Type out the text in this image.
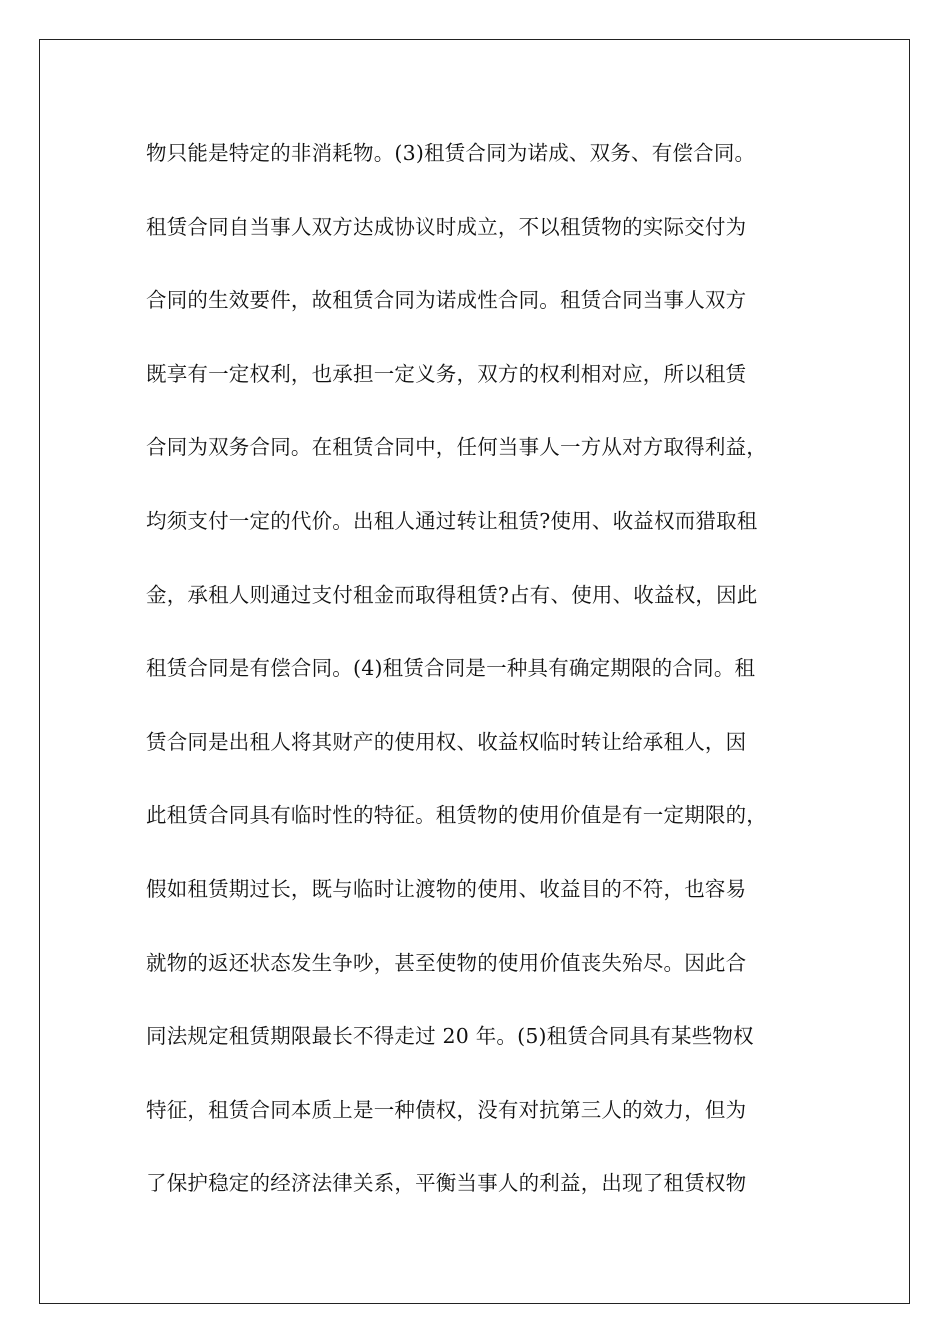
物只能是特定的非消耗物。(3)租赁合同为诺成、双务、有偿合同。
租赁合同自当事人双方达成协议时成立，不以租赁物的实际交付为
合同的生效要件，故租赁合同为诺成性合同。租赁合同当事人双方
既享有一定权利，也承担一定义务，双方的权利相对应，所以租赁
合同为双务合同。在租赁合同中，任何当事人一方从对方取得利益，
均须支付一定的代价。出租人通过转让租赁?使用、收益权而猎取租
金，承租人则通过支付租金而取得租赁?占有、使用、收益权，因此
租赁合同是有偿合同。(4)租赁合同是一种具有确定期限的合同。租
赁合同是出租人将其财产的使用权、收益权临时转让给承租人，因
此租赁合同具有临时性的特征。租赁物的使用价值是有一定期限的，
假如租赁期过长，既与临时让渡物的使用、收益目的不符，也容易
就物的返还状态发生争吵，甚至使物的使用价值丧失殆尽。因此合
同法规定租赁期限最长不得走过 20 年。(5)租赁合同具有某些物权
特征，租赁合同本质上是一种债权，没有对抗第三人的效力，但为
了保护稳定的经济法律关系，平衡当事人的利益，出现了租赁权物
